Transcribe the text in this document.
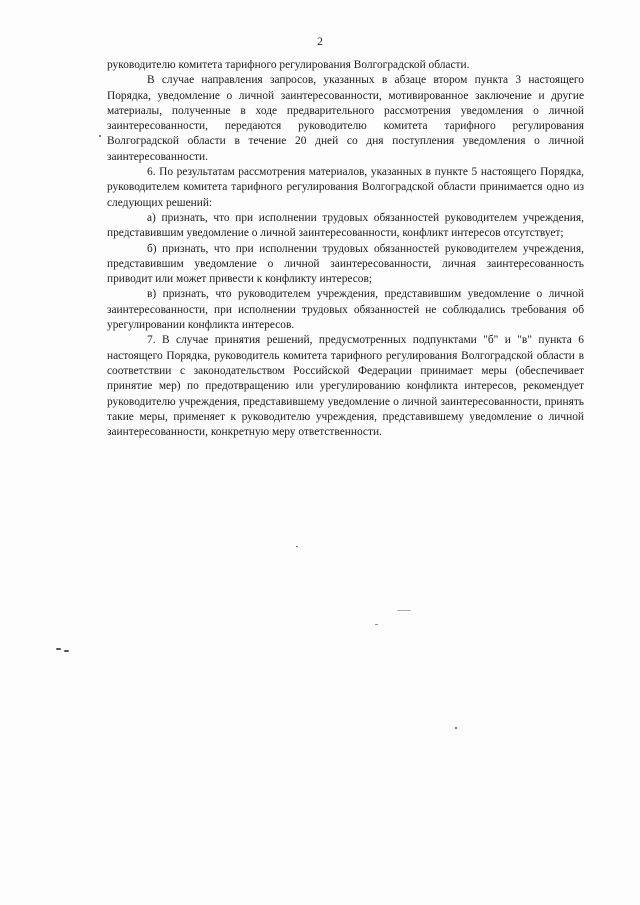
2

руководителю комитета тарифного регулирования Волгоградской области.

В случае направления запросов, указанных в абзаце втором пункта 3 настоящего Порядка, уведомление о личной заинтересованности, мотивированное заключение и другие материалы, полученные в ходе предварительного рассмотрения уведомления о личной заинтересованности, передаются руководителю комитета тарифного регулирования Волгоградской области в течение 20 дней со дня поступления уведомления о личной заинтересованности.

6. По результатам рассмотрения материалов, указанных в пункте 5 настоящего Порядка, руководителем комитета тарифного регулирования Волгоградской области принимается одно из следующих решений:

а) признать, что при исполнении трудовых обязанностей руководителем учреждения, представившим уведомление о личной заинтересованности, конфликт интересов отсутствует;

б) признать, что при исполнении трудовых обязанностей руководителем учреждения, представившим уведомление о личной заинтересованности, личная заинтересованность приводит или может привести к конфликту интересов;

в) признать, что руководителем учреждения, представившим уведомление о личной заинтересованности, при исполнении трудовых обязанностей не соблюдались требования об урегулировании конфликта интересов.

7. В случае принятия решений, предусмотренных подпунктами "б" и "в" пункта 6 настоящего Порядка, руководитель комитета тарифного регулирования Волгоградской области в соответствии с законодательством Российской Федерации принимает меры (обеспечивает принятие мер) по предотвращению или урегулированию конфликта интересов, рекомендует руководителю учреждения, представившему уведомление о личной заинтересованности, принять такие меры, применяет к руководителю учреждения, представившему уведомление о личной заинтересованности, конкретную меру ответственности.
